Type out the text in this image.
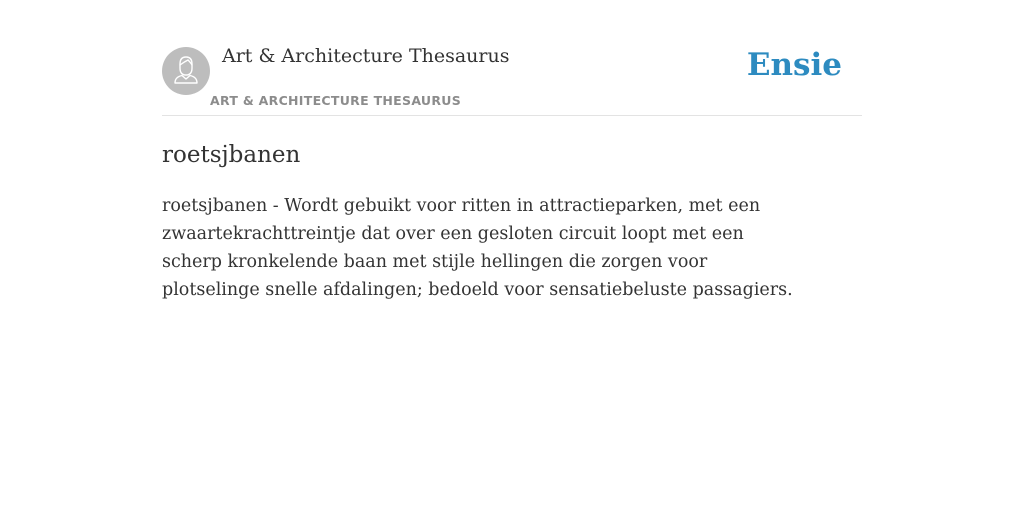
Art & Architecture Thesaurus
ART & ARCHITECTURE THESAURUS
Ensie
roetsjbanen

roetsjbanen - Wordt gebuikt voor ritten in attractieparken, met een zwaartekrachttreintje dat over een gesloten circuit loopt met een scherp kronkelende baan met stijle hellingen die zorgen voor plotselinge snelle afdalingen; bedoeld voor sensatiebeluste passagiers.
